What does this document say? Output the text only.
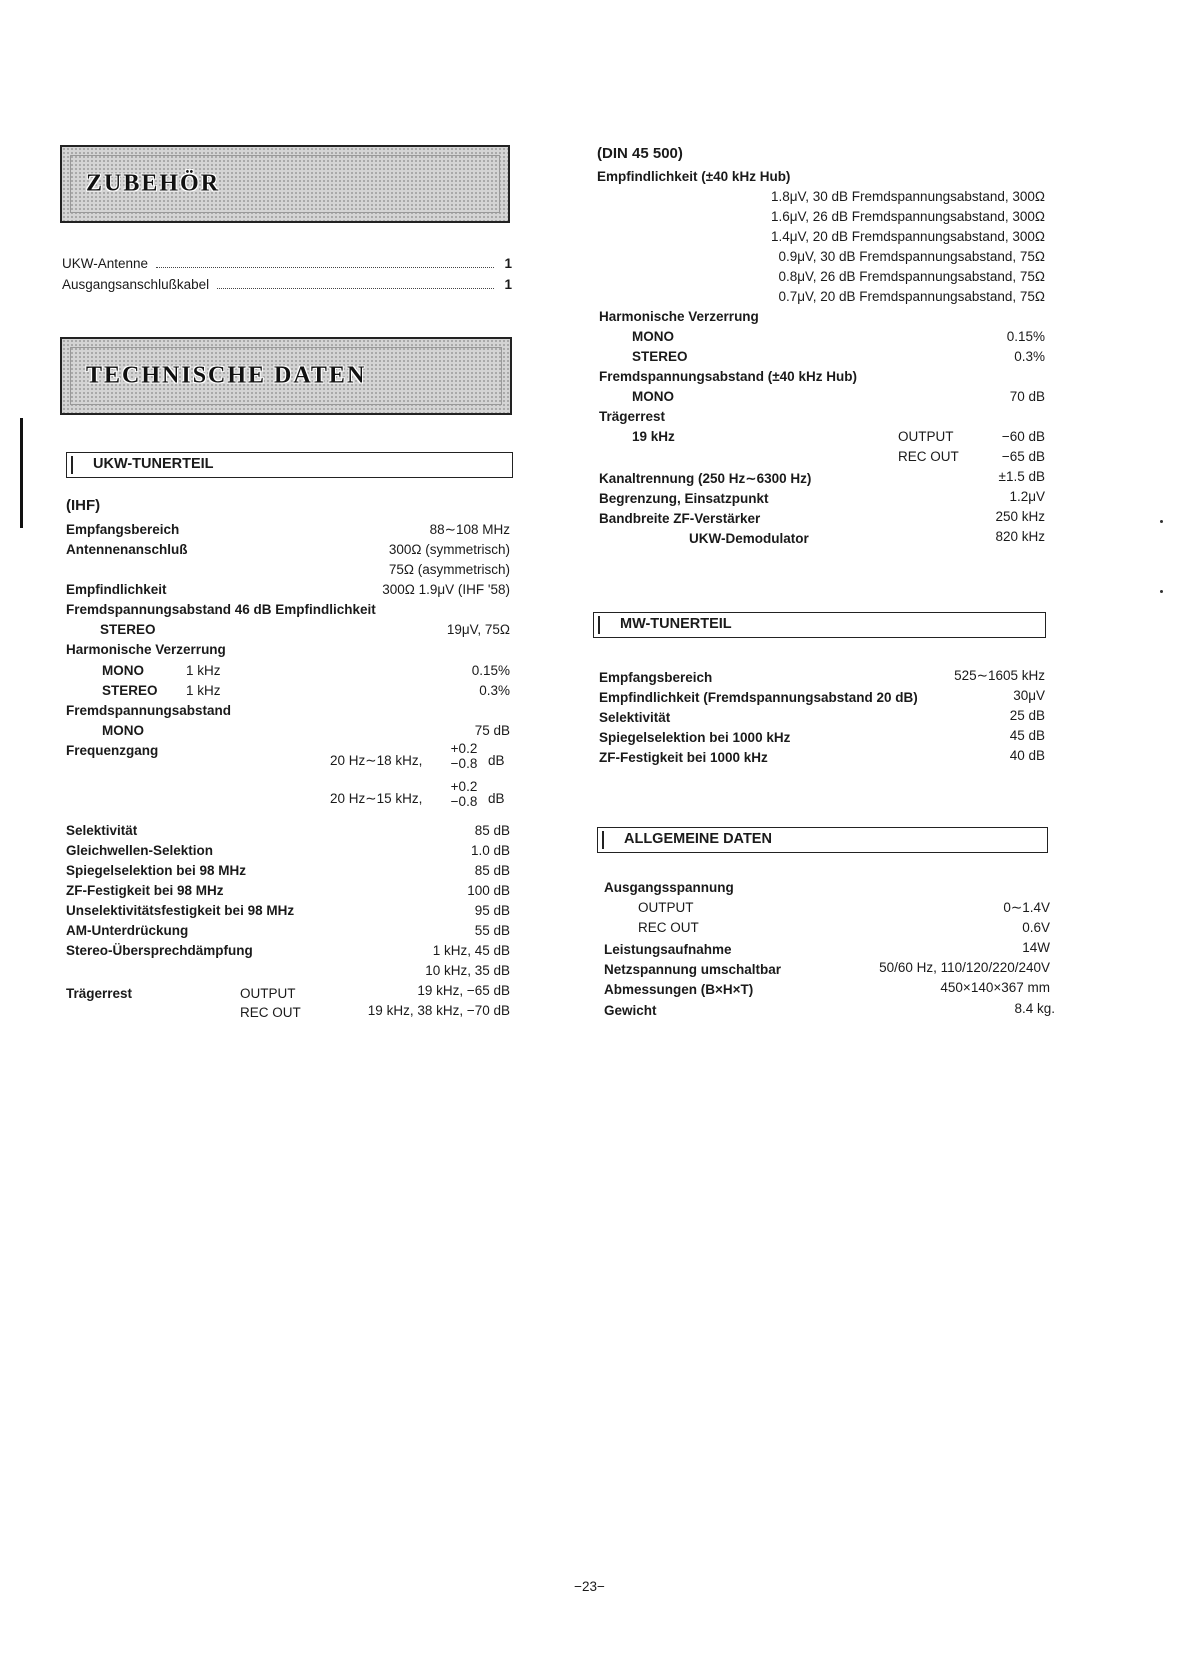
ZUBEHÖR
UKW-Antenne	1
Ausgangsanschlußkabel	1
TECHNISCHE DATEN
UKW-TUNERTEIL
(IHF)
Empfangsbereich	88∼108 MHz
Antennenanschluß	300Ω (symmetrisch)
75Ω (asymmetrisch)
Empfindlichkeit	300Ω 1.9μV (IHF '58)
Fremdspannungsabstand 46 dB Empfindlichkeit
STEREO	19μV, 75Ω
Harmonische Verzerrung
MONO	1 kHz	0.15%
STEREO 1 kHz	0.3%
Fremdspannungsabstand
MONO	75 dB
Frequenzgang
20 Hz∼18 kHz,
+0.2
−0.8 dB
20 Hz∼15 kHz,
+0.2
−0.8 dB
Selektivität	85 dB
Gleichwellen-Selektion	1.0 dB
Spiegelselektion bei 98 MHz	85 dB
ZF-Festigkeit bei 98 MHz	100 dB
Unselektivitätsfestigkeit bei 98 MHz	95 dB
AM-Unterdrückung	55 dB
Stereo-Übersprechdämpfung	1 kHz, 45 dB
10 kHz, 35 dB
Trägerrest	OUTPUT	19 kHz, −65 dB
REC OUT	19 kHz, 38 kHz, −70 dB
(DIN 45 500)
Empfindlichkeit (±40 kHz Hub)
1.8μV, 30 dB Fremdspannungsabstand, 300Ω
1.6μV, 26 dB Fremdspannungsabstand, 300Ω
1.4μV, 20 dB Fremdspannungsabstand, 300Ω
0.9μV, 30 dB Fremdspannungsabstand, 75Ω
0.8μV, 26 dB Fremdspannungsabstand, 75Ω
0.7μV, 20 dB Fremdspannungsabstand, 75Ω
Harmonische Verzerrung
MONO	0.15%
STEREO	0.3%
Fremdspannungsabstand (±40 kHz Hub)
MONO	70 dB
Trägerrest
19 kHz	OUTPUT	−60 dB
REC OUT	−65 dB
Kanaltrennung (250 Hz∼6300 Hz)	±1.5 dB
Begrenzung, Einsatzpunkt	1.2μV
Bandbreite ZF-Verstärker	250 kHz
UKW-Demodulator	820 kHz
MW-TUNERTEIL
Empfangsbereich	525∼1605 kHz
Empfindlichkeit (Fremdspannungsabstand 20 dB)	30μV
Selektivität	25 dB
Spiegelselektion bei 1000 kHz	45 dB
ZF-Festigkeit bei 1000 kHz	40 dB
ALLGEMEINE DATEN
Ausgangsspannung
OUTPUT	0∼1.4V
REC OUT	0.6V
Leistungsaufnahme	14W
Netzspannung umschaltbar	50/60 Hz, 110/120/220/240V
Abmessungen (B×H×T)	450×140×367 mm
Gewicht	8.4 kg.
−23−
